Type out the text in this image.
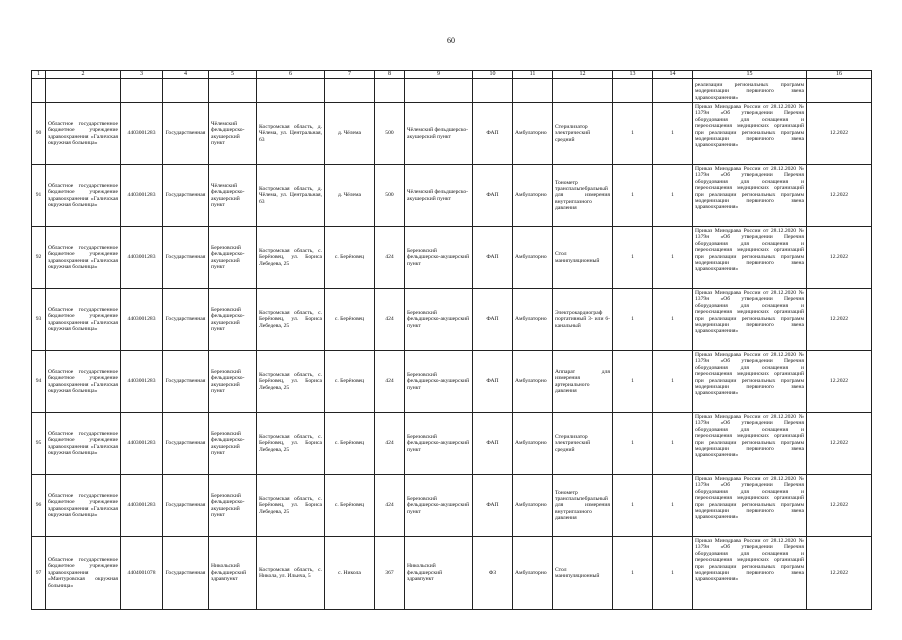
60
1	2	3	4	5	6	7	8	9	10	11	12	13	14	15	16
														реализации региональных программ модернизации первичного звена здравоохранения»	
90	Областное государственное бюджетное учреждение здравоохранения «Галичская окружная больница»	4403001283	Государственная	Чёлемский фельдшерско-акушерский пункт	Костромская область, д. Чёлема, ул. Центральная, 63	д. Чёлема	500	Чёлемский фельдшерско-акушерский пункт	ФАП	Амбулаторно	Стерилизатор электрический средний	1	1	Приказ Минздрава России от 28.12.2020 № 1379н «Об утверждении Перечня оборудования для оснащения и переоснащения медицинских организаций при реализации региональных программ модернизации первичного звена здравоохранения»	12.2022
91	Областное государственное бюджетное учреждение здравоохранения «Галичская окружная больница»	4403001283	Государственная	Чёлемский фельдшерско-акушерский пункт	Костромская область, д. Чёлема, ул. Центральная, 63	д. Чёлема	500	Чёлемский фельдшерско-акушерский пункт	ФАП	Амбулаторно	Тонометр транспальпебральный для измерения внутриглазного давления	1	1	Приказ Минздрава России от 28.12.2020 № 1379н «Об утверждении Перечня оборудования для оснащения и переоснащения медицинских организаций при реализации региональных программ модернизации первичного звена здравоохранения»	12.2022
92	Областное государственное бюджетное учреждение здравоохранения «Галичская окружная больница»	4403001283	Государственная	Березовский фельдшерско-акушерский пункт	Костромская область, с. Берёзовец, ул. Бориса Лебедева, 25	с. Берёзовец	424	Березовский фельдшерско-акушерский пункт	ФАП	Амбулаторно	Стол манипуляционный	1	1	Приказ Минздрава России от 28.12.2020 № 1379н «Об утверждении Перечня оборудования для оснащения и переоснащения медицинских организаций при реализации региональных программ модернизации первичного звена здравоохранения»	12.2022
93	Областное государственное бюджетное учреждение здравоохранения «Галичская окружная больница»	4403001283	Государственная	Березовский фельдшерско-акушерский пункт	Костромская область, с. Берёзовец, ул. Бориса Лебедева, 25	с. Берёзовец	424	Березовский фельдшерско-акушерский пункт	ФАП	Амбулаторно	Электрокардиограф портативный 3- или 6-канальный	1	1	Приказ Минздрава России от 28.12.2020 № 1379н «Об утверждении Перечня оборудования для оснащения и переоснащения медицинских организаций при реализации региональных программ модернизации первичного звена здравоохранения»	12.2022
94	Областное государственное бюджетное учреждение здравоохранения «Галичская окружная больница»	4403001283	Государственная	Березовский фельдшерско-акушерский пункт	Костромская область, с. Берёзовец, ул. Бориса Лебедева, 25	с. Берёзовец	424	Березовский фельдшерско-акушерский пункт	ФАП	Амбулаторно	Аппарат для измерения артериального давления	1	1	Приказ Минздрава России от 28.12.2020 № 1379н «Об утверждении Перечня оборудования для оснащения и переоснащения медицинских организаций при реализации региональных программ модернизации первичного звена здравоохранения»	12.2022
95	Областное государственное бюджетное учреждение здравоохранения «Галичская окружная больница»	4403001283	Государственная	Березовский фельдшерско-акушерский пункт	Костромская область, с. Берёзовец, ул. Бориса Лебедева, 25	с. Берёзовец	424	Березовский фельдшерско-акушерский пункт	ФАП	Амбулаторно	Стерилизатор электрический средний	1	1	Приказ Минздрава России от 28.12.2020 № 1379н «Об утверждении Перечня оборудования для оснащения и переоснащения медицинских организаций при реализации региональных программ модернизации первичного звена здравоохранения»	12.2022
96	Областное государственное бюджетное учреждение здравоохранения «Галичская окружная больница»	4403001283	Государственная	Березовский фельдшерско-акушерский пункт	Костромская область, с. Берёзовец, ул. Бориса Лебедева, 25	с. Берёзовец	424	Березовский фельдшерско-акушерский пункт	ФАП	Амбулаторно	Тонометр транспальпебральный для измерения внутриглазного давления	1	1	Приказ Минздрава России от 28.12.2020 № 1379н «Об утверждении Перечня оборудования для оснащения и переоснащения медицинских организаций при реализации региональных программ модернизации первичного звена здравоохранения»	12.2022
97	Областное государственное бюджетное учреждение здравоохранения «Мантуровская окружная больница»	4404001078	Государственная	Никольский фельдшерский здравпункт	Костромская область, с. Никола, ул. Ильича, 5	с. Никола	367	Никольский фельдшерский здравпункт	ФЗ	Амбулаторно	Стол манипуляционный	1	1	Приказ Минздрава России от 28.12.2020 № 1379н «Об утверждении Перечня оборудования для оснащения и переоснащения медицинских организаций при реализации региональных программ модернизации первичного звена здравоохранения»	12.2022
